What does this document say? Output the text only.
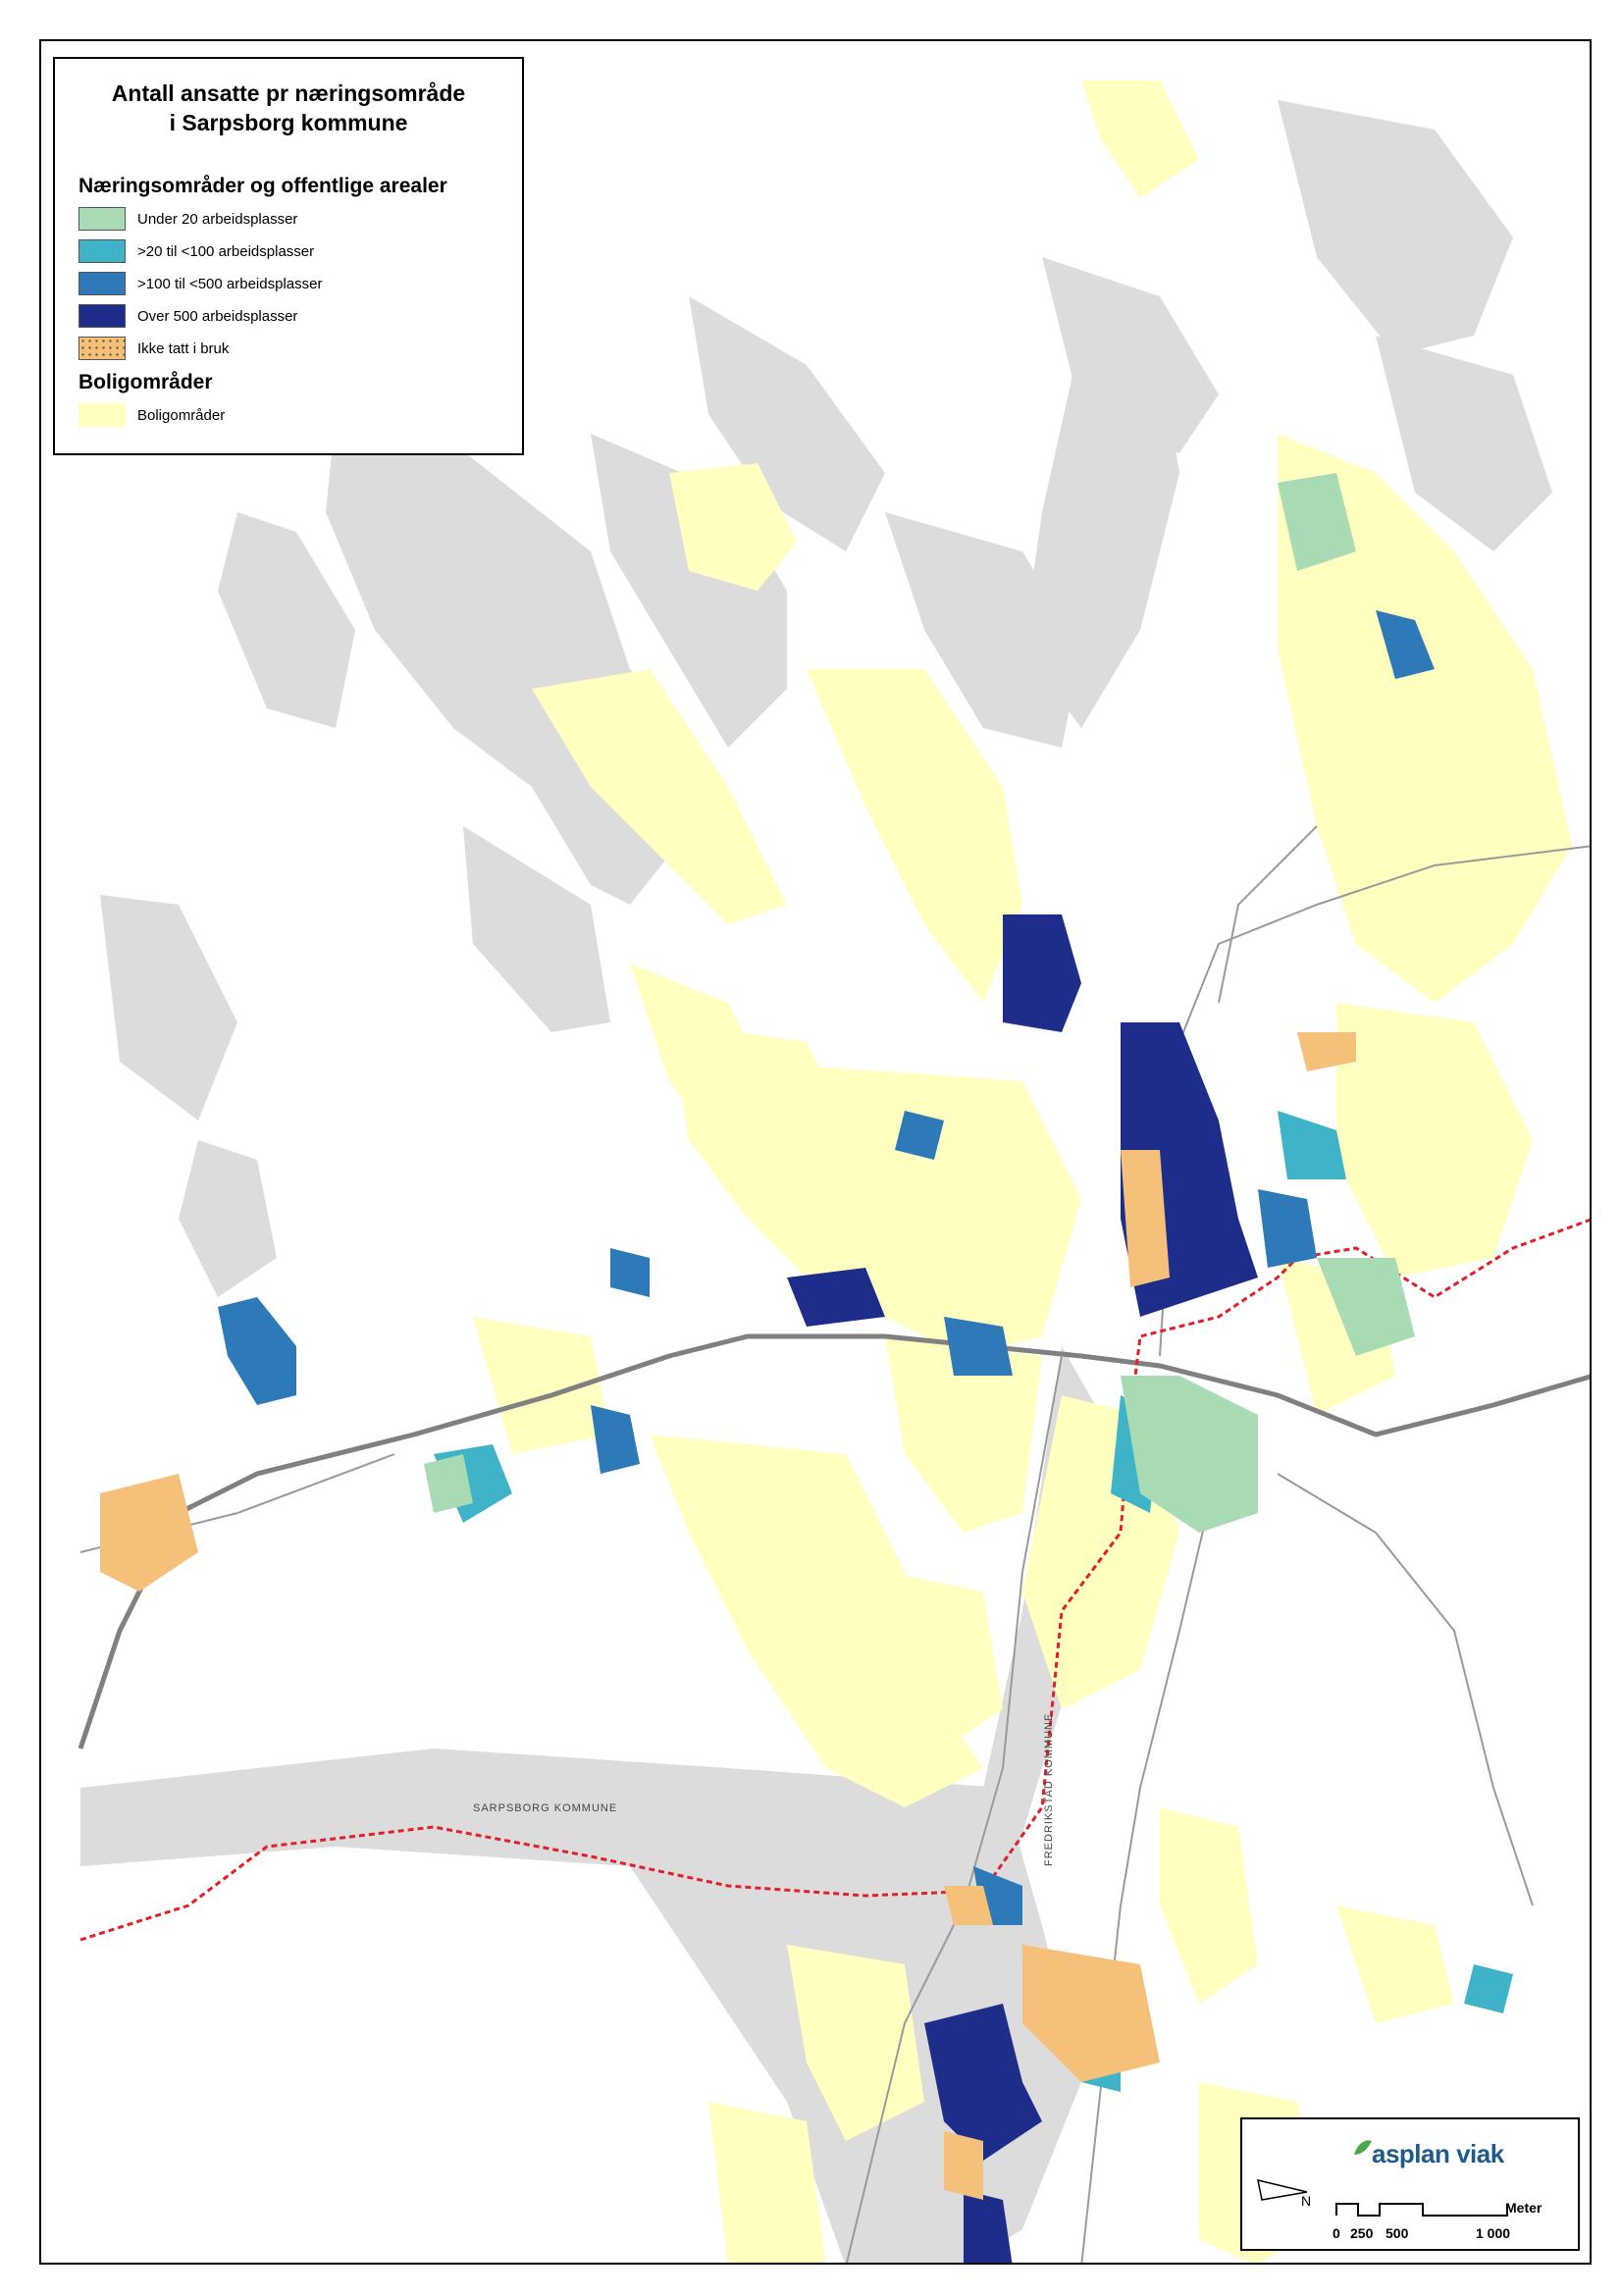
SARPSBORG KOMMUNE	FREDRIKSTAD KOMMUNE
Antall ansatte pr næringsområde
i Sarpsborg kommune
Næringsområder og offentlige arealer
Under 20 arbeidsplasser
>20 til <100 arbeidsplasser
>100 til <500 arbeidsplasser
Over 500 arbeidsplasser
Ikke tatt i bruk
Boligområder
Boligområder
N
asplan viak
Meter
0 250 500	1 000
